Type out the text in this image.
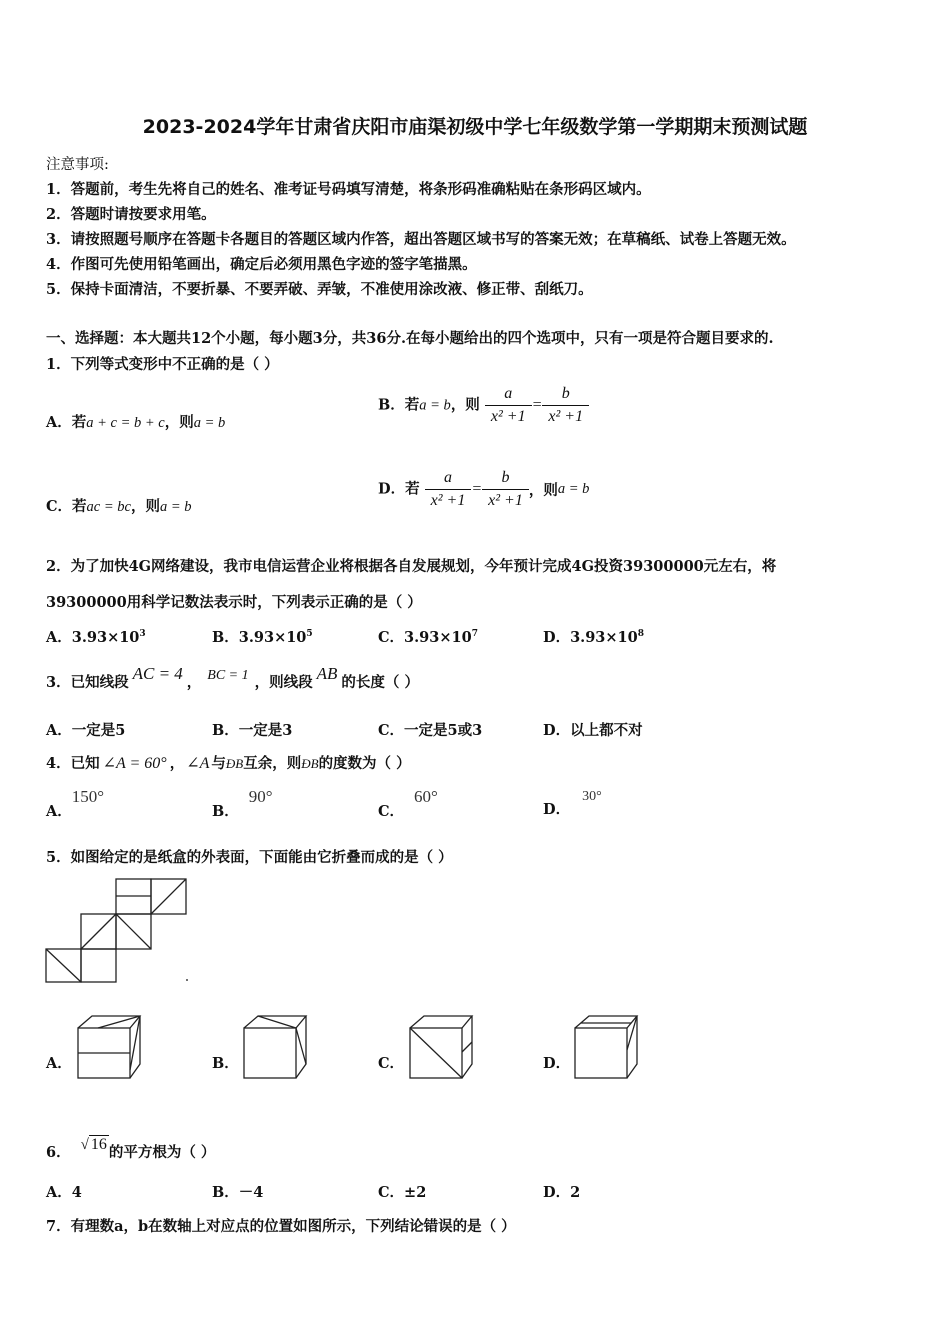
2023-2024学年甘肃省庆阳市庙渠初级中学七年级数学第一学期期末预测试题
注意事项:
1．答题前，考生先将自己的姓名、准考证号码填写清楚，将条形码准确粘贴在条形码区域内。
2．答题时请按要求用笔。
3．请按照题号顺序在答题卡各题目的答题区域内作答，超出答题区域书写的答案无效；在草稿纸、试卷上答题无效。
4．作图可先使用铅笔画出，确定后必须用黑色字迹的签字笔描黑。
5．保持卡面清洁，不要折暴、不要弄破、弄皱，不准使用涂改液、修正带、刮纸刀。
一、选择题：本大题共12个小题，每小题3分，共36分.在每小题给出的四个选项中，只有一项是符合题目要求的.
1．下列等式变形中不正确的是（ ）
A．若a + c = b + c，则a = b
B．若a = b，则 $\frac{a}{\text{x² +1}} = \frac{b}{\text{x² +1}}$
C．若ac = bc，则a = b
D．若 $\frac{a}{\text{x² +1}} = \frac{b}{\text{x² +1}}$ ，则a = b
2．为了加快4G网络建设，我市电信运营企业将根据各自发展规划，今年预计完成4G投资39300000元左右，将
39300000用科学记数法表示时，下列表示正确的是（ ）
A．$3.93\times 10^3$	B．$3.93\times 10^5$	C．$3.93\times 10^7$	D．$3.93\times 10^8$
3．已知线段 AC = 4 ， BC = 1 ，则线段 AB 的长度（ ）
A．一定是5	B．一定是3	C．一定是5或3	D．以上都不对
4．已知 ∠A = 60° ， ∠A 与ÐB互余，则ÐB的度数为（ ）
A．150°
B．90°
C．60°
D．30°
5．如图给定的是纸盒的外表面，下面能由它折叠而成的是（ ）
A．	B．	C．	D．
6． √ 16 的平方根为（ ）
A．4	B．－4	C．±2	D．2
7．有理数a，b在数轴上对应点的位置如图所示，下列结论错误的是（ ）
